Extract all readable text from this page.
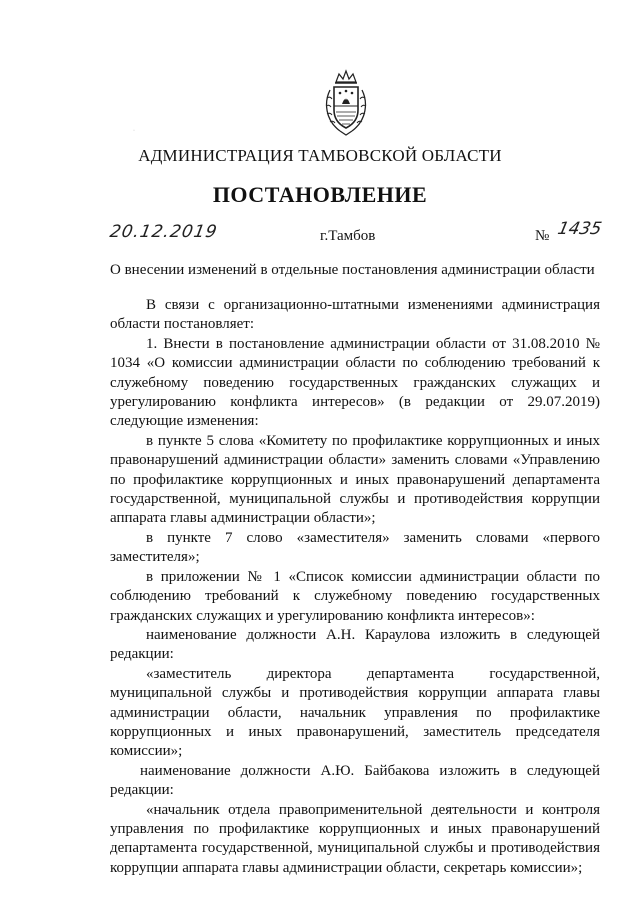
·
АДМИНИСТРАЦИЯ ТАМБОВСКОЙ ОБЛАСТИ
ПОСТАНОВЛЕНИЕ
20.12.2019	г.Тамбов	№ 1435
О внесении изменений в отдельные постановления администрации области

В связи с организационно-штатными изменениями администрация области постановляет:

1. Внести в постановление администрации области от 31.08.2010 № 1034 «О комиссии администрации области по соблюдению требований к служебному поведению государственных гражданских служащих и урегулированию конфликта интересов» (в редакции от 29.07.2019) следующие изменения:

в пункте 5 слова «Комитету по профилактике коррупционных и иных правонарушений администрации области» заменить словами «Управлению по профилактике коррупционных и иных правонарушений департамента государственной, муниципальной службы и противодействия коррупции аппарата главы администрации области»;

в пункте 7 слово «заместителя» заменить словами «первого заместителя»;

в приложении № 1 «Список комиссии администрации области по соблюдению требований к служебному поведению государственных гражданских служащих и урегулированию конфликта интересов»:

наименование должности А.Н. Караулова изложить в следующей редакции:

«заместитель директора департамента государственной, муниципальной службы и противодействия коррупции аппарата главы администрации области, начальник управления по профилактике коррупционных и иных правонарушений, заместитель председателя комиссии»;

наименование должности А.Ю. Байбакова изложить в следующей редакции:

«начальник отдела правоприменительной деятельности и контроля управления по профилактике коррупционных и иных правонарушений департамента государственной, муниципальной службы и противодействия коррупции аппарата главы администрации области, секретарь комиссии»;
